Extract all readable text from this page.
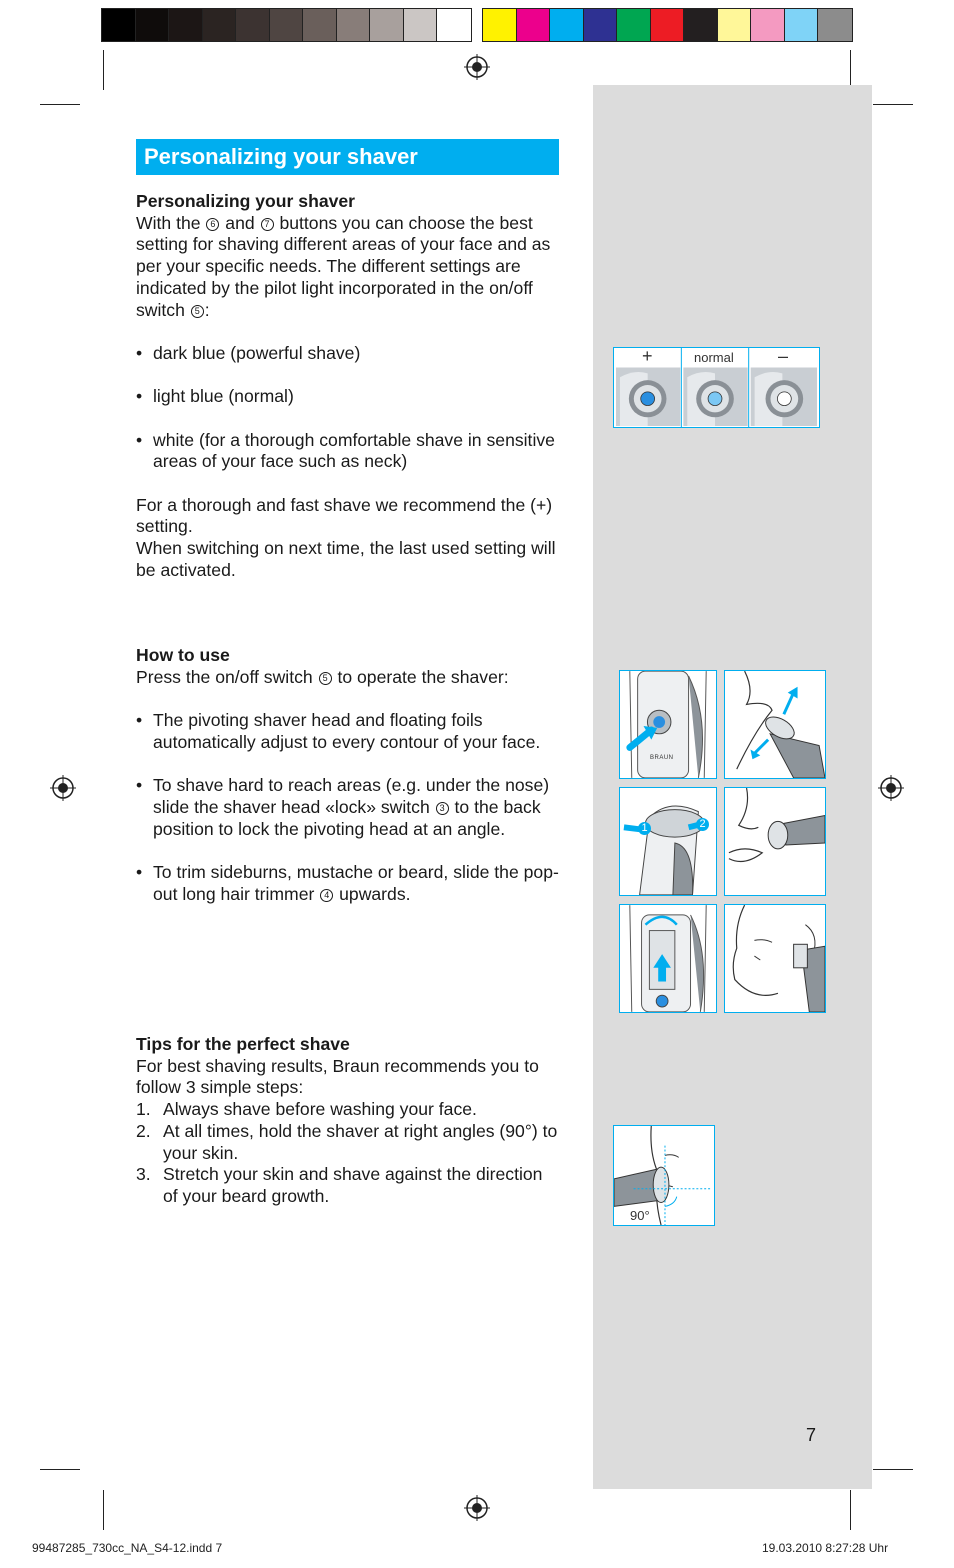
Personalizing your shaver
Personalizing your shaver

With the 6 and 7 buttons you can choose the best setting for shaving different areas of your face and as per your specific needs. The different settings are indicated by the pilot light incorporated in the on/off switch 5 :

• dark blue (powerful shave)

• light blue (normal)

• white (for a thorough comfortable shave in sensitive areas of your face such as neck)

For a thorough and fast shave we recommend the (+) setting.

When switching on next time, the last used setting will be activated.

How to use

Press the on/off switch 5 to operate the shaver:

• The pivoting shaver head and floating foils automatically adjust to every contour of your face.

• To shave hard to reach areas (e.g. under the nose) slide the shaver head «lock» switch 3 to the back position to lock the pivoting head at an angle.

• To trim sideburns, mustache or beard, slide the pop-out long hair trimmer 4 upwards.

Tips for the perfect shave

For best shaving results, Braun recommends you to follow 3 simple steps:

1. Always shave before washing your face.

2. At all times, hold the shaver at right angles (90°) to your skin.

3. Stretch your skin and shave against the direction of your beard growth.

+	normal –
BRAUN
1	2
90°
7
99487285_730cc_NA_S4-12.indd 7	19.03.2010 8:27:28 Uhr
